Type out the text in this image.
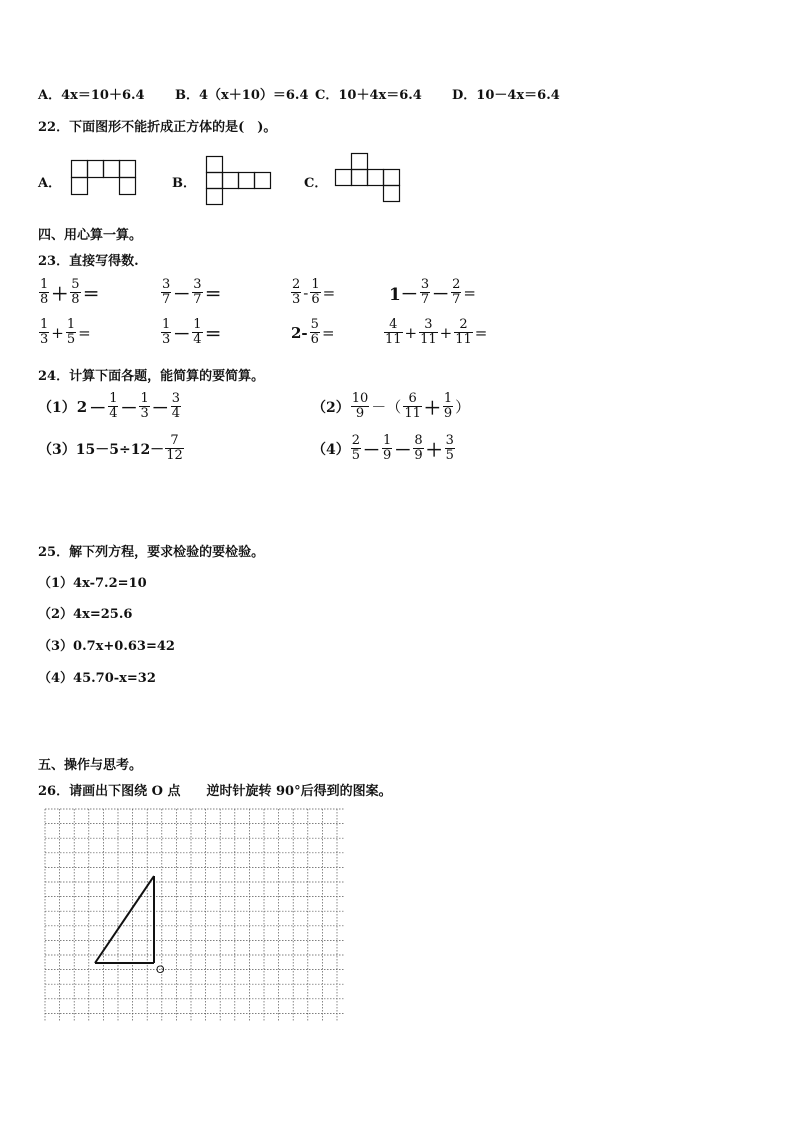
A．4x＝10＋6.4 B．4（x＋10）＝6.4 C．10＋4x＝6.4 D．10－4x＝6.4
22．下面图形不能折成正方体的是(　)。
A．	B．	C．
四、用心算一算。
23．直接写得数.
$\frac{1}{8} + \frac{5}{8}$ ＝	$\frac{3}{7} - \frac{3}{7}$ ＝	$\frac{2}{3} - \frac{1}{6}$ =	$1- \frac{3}{7} - \frac{2}{7}$ =
$\frac{1}{3} + \frac{1}{5}$ =	$\frac{1}{3} - \frac{1}{4}$ ＝	$2- \frac{5}{6}$ =	$\frac{4}{11} + \frac{3}{11} + \frac{2}{11}$ =
24．计算下面各题，能简算的要简算。
（1） $2 - \frac{1}{4} - \frac{1}{3} - \frac{3}{4}$	$(2) \frac{10}{9}$ －（ $\frac{6}{11} + \frac{1}{9}$ ）
（3） $15-5\div 12- \frac{7}{12}$	$(4) \frac{2}{5} - \frac{1}{9} - \frac{8}{9} + \frac{3}{5}$
25．解下列方程，要求检验的要检验。
（1）4x-7.2=10
（2）4x=25.6
（3）0.7x+0.63=42
（4）45.70-x=32
五、操作与思考。
26．请画出下图绕 O 点　　逆时针旋转 90°后得到的图案。
O
